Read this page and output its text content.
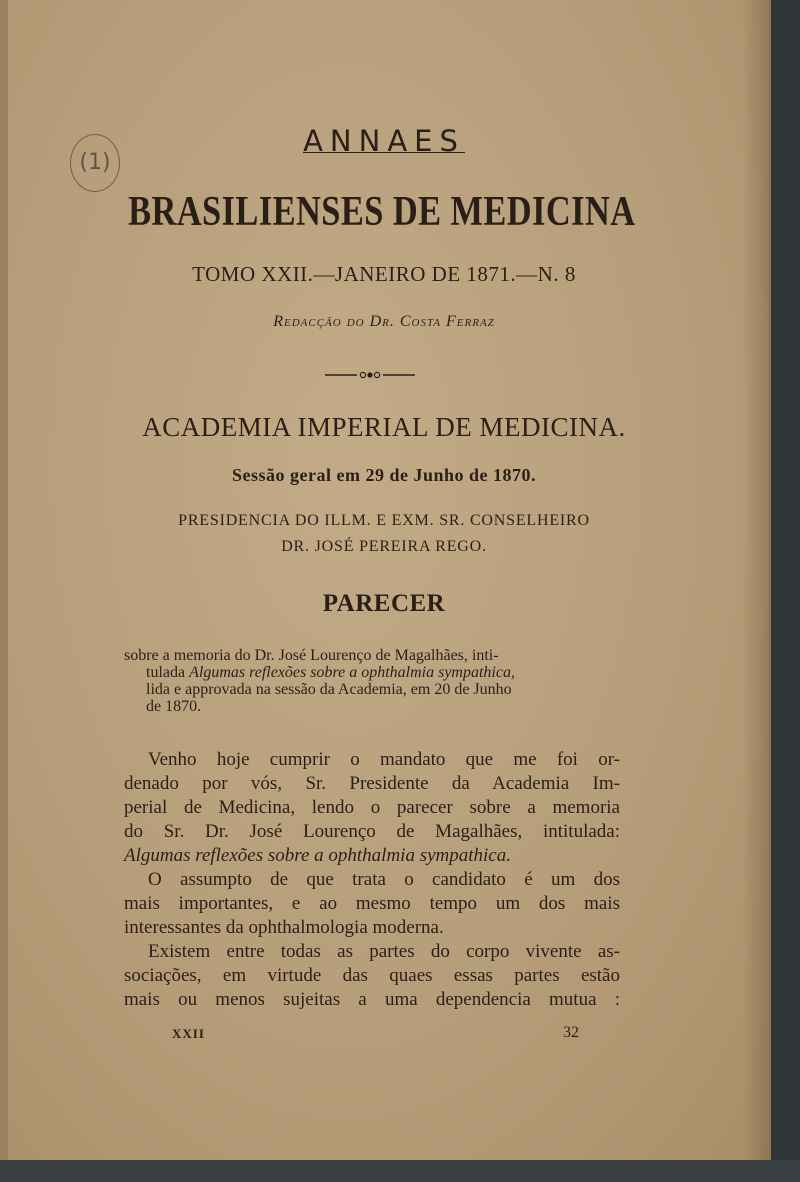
(1)
ANNAES
BRASILIENSES DE MEDICINA
TOMO XXII.—JANEIRO DE 1871.—N. 8
Redacção do Dr. Costa Ferraz
ACADEMIA IMPERIAL DE MEDICINA.
Sessão geral em 29 de Junho de 1870.
PRESIDENCIA DO ILLM. E EXM. SR. CONSELHEIRO
DR. JOSÉ PEREIRA REGO.
PARECER
sobre a memoria do Dr. José Lourenço de Magalhães, inti-
tulada Algumas reflexões sobre a ophthalmia sympathica,
lida e approvada na sessão da Academia, em 20 de Junho
de 1870.
Venho hoje cumprir o mandato que me foi or-
denado por vós, Sr. Presidente da Academia Im-
perial de Medicina, lendo o parecer sobre a memoria
do Sr. Dr. José Lourenço de Magalhães, intitulada:
Algumas reflexões sobre a ophthalmia sympathica.
O assumpto de que trata o candidato é um dos
mais importantes, e ao mesmo tempo um dos mais
interessantes da ophthalmologia moderna.
Existem entre todas as partes do corpo vivente as-
sociações, em virtude das quaes essas partes estão
mais ou menos sujeitas a uma dependencia mutua :
XXII	32
